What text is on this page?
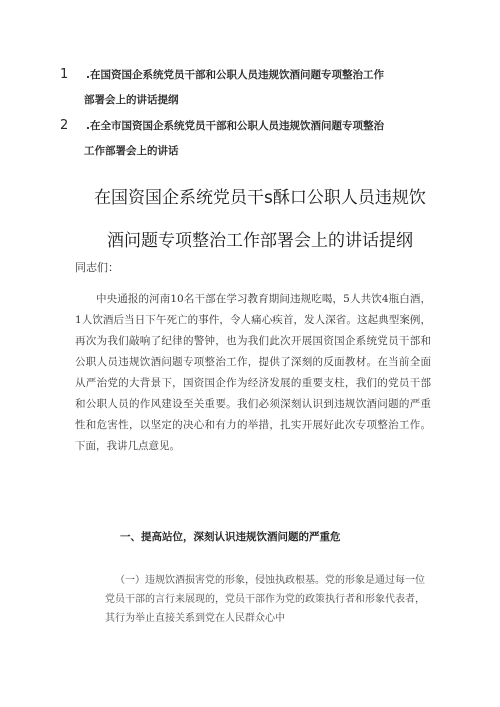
1 .在国资国企系统党员干部和公职人员违规饮酒问题专项整治工作
部署会上的讲话提纲
2 .在全市国资国企系统党员干部和公职人员违规饮酒问题专项整治
工作部署会上的讲话
在国资国企系统党员干s酥口公职人员违规饮
酒问题专项整治工作部署会上的讲话提纲
同志们：

中央通报的河南10名干部在学习教育期间违规吃喝，5人共饮4瓶白酒，1人饮酒后当日下午死亡的事件，令人痛心疾首，发人深省。这起典型案例，再次为我们敲响了纪律的警钟，也为我们此次开展国资国企系统党员干部和公职人员违规饮酒问题专项整治工作，提供了深刻的反面教材。在当前全面从严治党的大背景下，国资国企作为经济发展的重要支柱，我们的党员干部和公职人员的作风建设至关重要。我们必须深刻认识到违规饮酒问题的严重性和危害性，以坚定的决心和有力的举措，扎实开展好此次专项整治工作。下面，我讲几点意见。

一、提高站位，深刻认识违规饮酒问题的严重危

（一）违规饮酒损害党的形象，侵蚀执政根基。党的形象是通过每一位党员干部的言行来展现的，党员干部作为党的政策执行者和形象代表者，其行为举止直接关系到党在人民群众心中
